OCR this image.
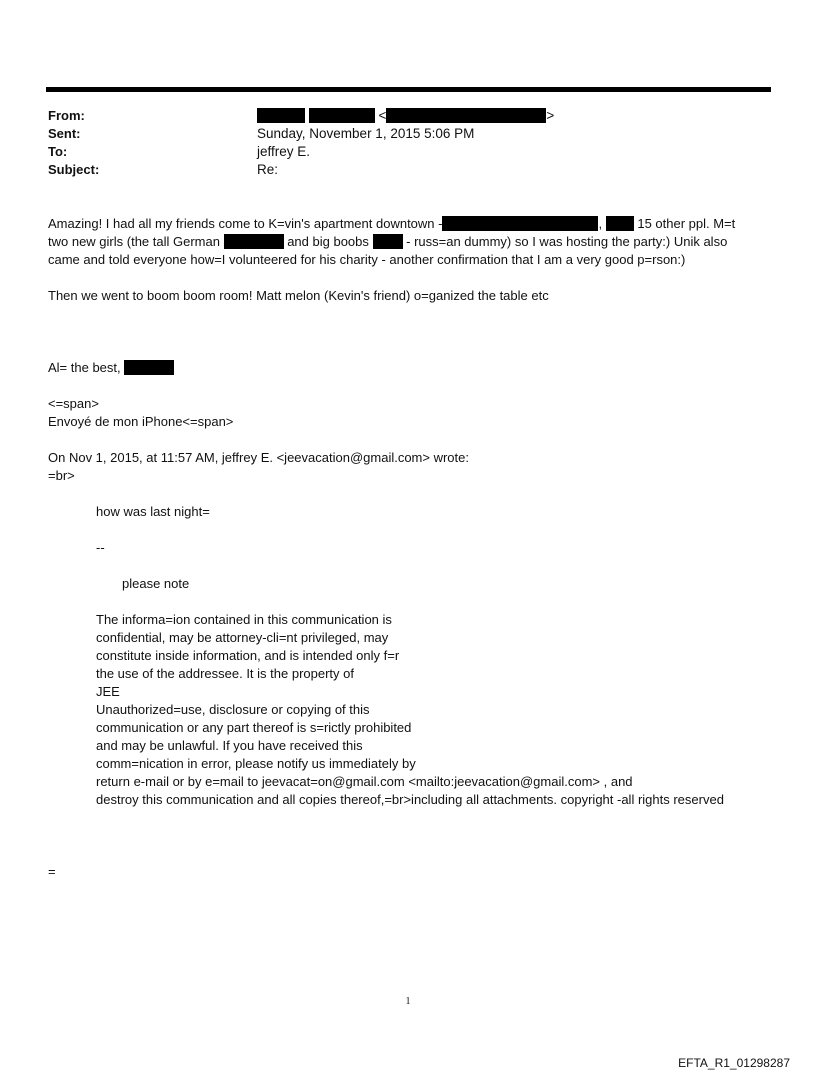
From:	<	>
Sent:	Sunday, November 1, 2015 5:06 PM
To:	jeffrey E.
Subject:	Re:
Amazing! I had all my friends come to K=vin's apartment downtown -	,	15 other ppl. M=t
two new girls (the tall German	and big boobs	- russ=an dummy) so I was hosting the party:) Unik also
came and told everyone how=I volunteered for his charity - another confirmation that I am a very good p=rson:)
Then we went to boom boom room! Matt melon (Kevin's friend) o=ganized the table etc
Al= the best,
<=span>
Envoyé de mon iPhone<=span>
On Nov 1, 2015, at 11:57 AM, jeffrey E. <jeevacation@gmail.com> wrote:
=br>
how was last night=
--
please note
The informa=ion contained in this communication is
confidential, may be attorney-cli=nt privileged, may
constitute inside information, and is intended only f=r
the use of the addressee. It is the property of
JEE
Unauthorized=use, disclosure or copying of this
communication or any part thereof is s=rictly prohibited
and may be unlawful. If you have received this
comm=nication in error, please notify us immediately by
return e-mail or by e=mail to jeevacat=on@gmail.com <mailto:jeevacation@gmail.com> , and
destroy this communication and all copies thereof,=br>including all attachments. copyright -all rights reserved
=
1
EFTA_R1_01298287
